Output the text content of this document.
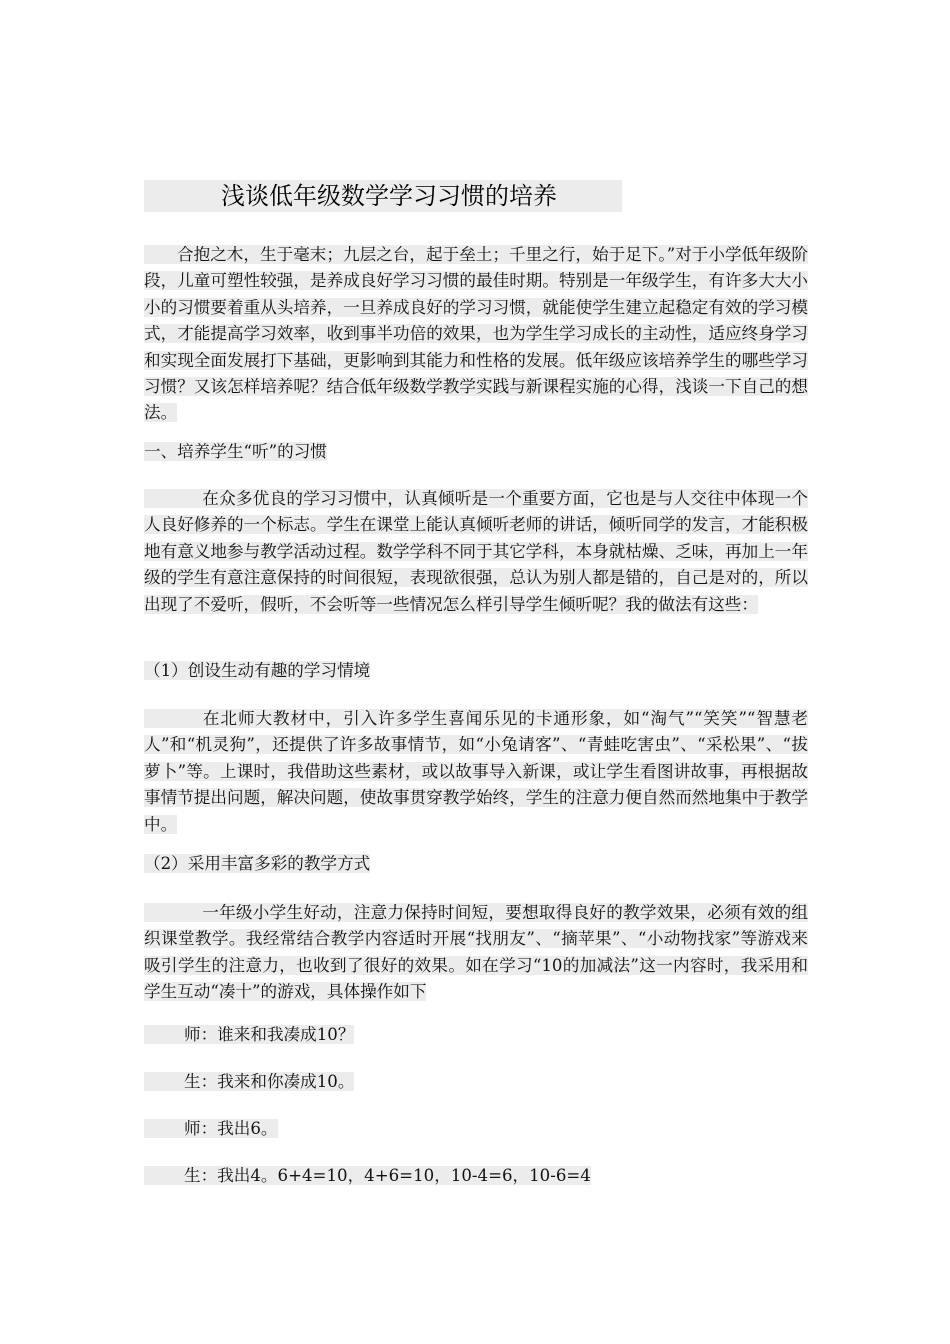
浅谈低年级数学学习习惯的培养

合抱之木，生于毫末；九层之台，起于垒土；千里之行，始于足下。”对于小学低年级阶段，儿童可塑性较强，是养成良好学习习惯的最佳时期。特别是一年级学生，有许多大大小小的习惯要着重从头培养，一旦养成良好的学习习惯，就能使学生建立起稳定有效的学习模式，才能提高学习效率，收到事半功倍的效果，也为学生学习成长的主动性，适应终身学习和实现全面发展打下基础，更影响到其能力和性格的发展。低年级应该培养学生的哪些学习习惯？又该怎样培养呢？结合低年级数学教学实践与新课程实施的心得，浅谈一下自己的想法。

一、培养学生“听”的习惯

在众多优良的学习习惯中，认真倾听是一个重要方面，它也是与人交往中体现一个人良好修养的一个标志。学生在课堂上能认真倾听老师的讲话，倾听同学的发言，才能积极地有意义地参与教学活动过程。数学学科不同于其它学科，本身就枯燥、乏味，再加上一年级的学生有意注意保持的时间很短，表现欲很强，总认为别人都是错的，自己是对的，所以出现了不爱听，假听，不会听等一些情况怎么样引导学生倾听呢？我的做法有这些：

（1）创设生动有趣的学习情境

在北师大教材中，引入许多学生喜闻乐见的卡通形象，如“淘气”“笑笑”“智慧老人”和“机灵狗”，还提供了许多故事情节，如“小兔请客”、“青蛙吃害虫”、“采松果”、“拔萝卜”等。上课时，我借助这些素材，或以故事导入新课，或让学生看图讲故事，再根据故事情节提出问题，解决问题，使故事贯穿教学始终，学生的注意力便自然而然地集中于教学中。

（2）采用丰富多彩的教学方式

一年级小学生好动，注意力保持时间短，要想取得良好的教学效果，必须有效的组织课堂教学。我经常结合教学内容适时开展“找朋友”、“摘苹果”、“小动物找家”等游戏来吸引学生的注意力，也收到了很好的效果。如在学习“10的加减法”这一内容时，我采用和学生互动“凑十”的游戏，具体操作如下

师：谁来和我凑成10？

生：我来和你凑成10。

师：我出6。

生：我出4。6+4=10，4+6=10，10-4=6，10-6=4
